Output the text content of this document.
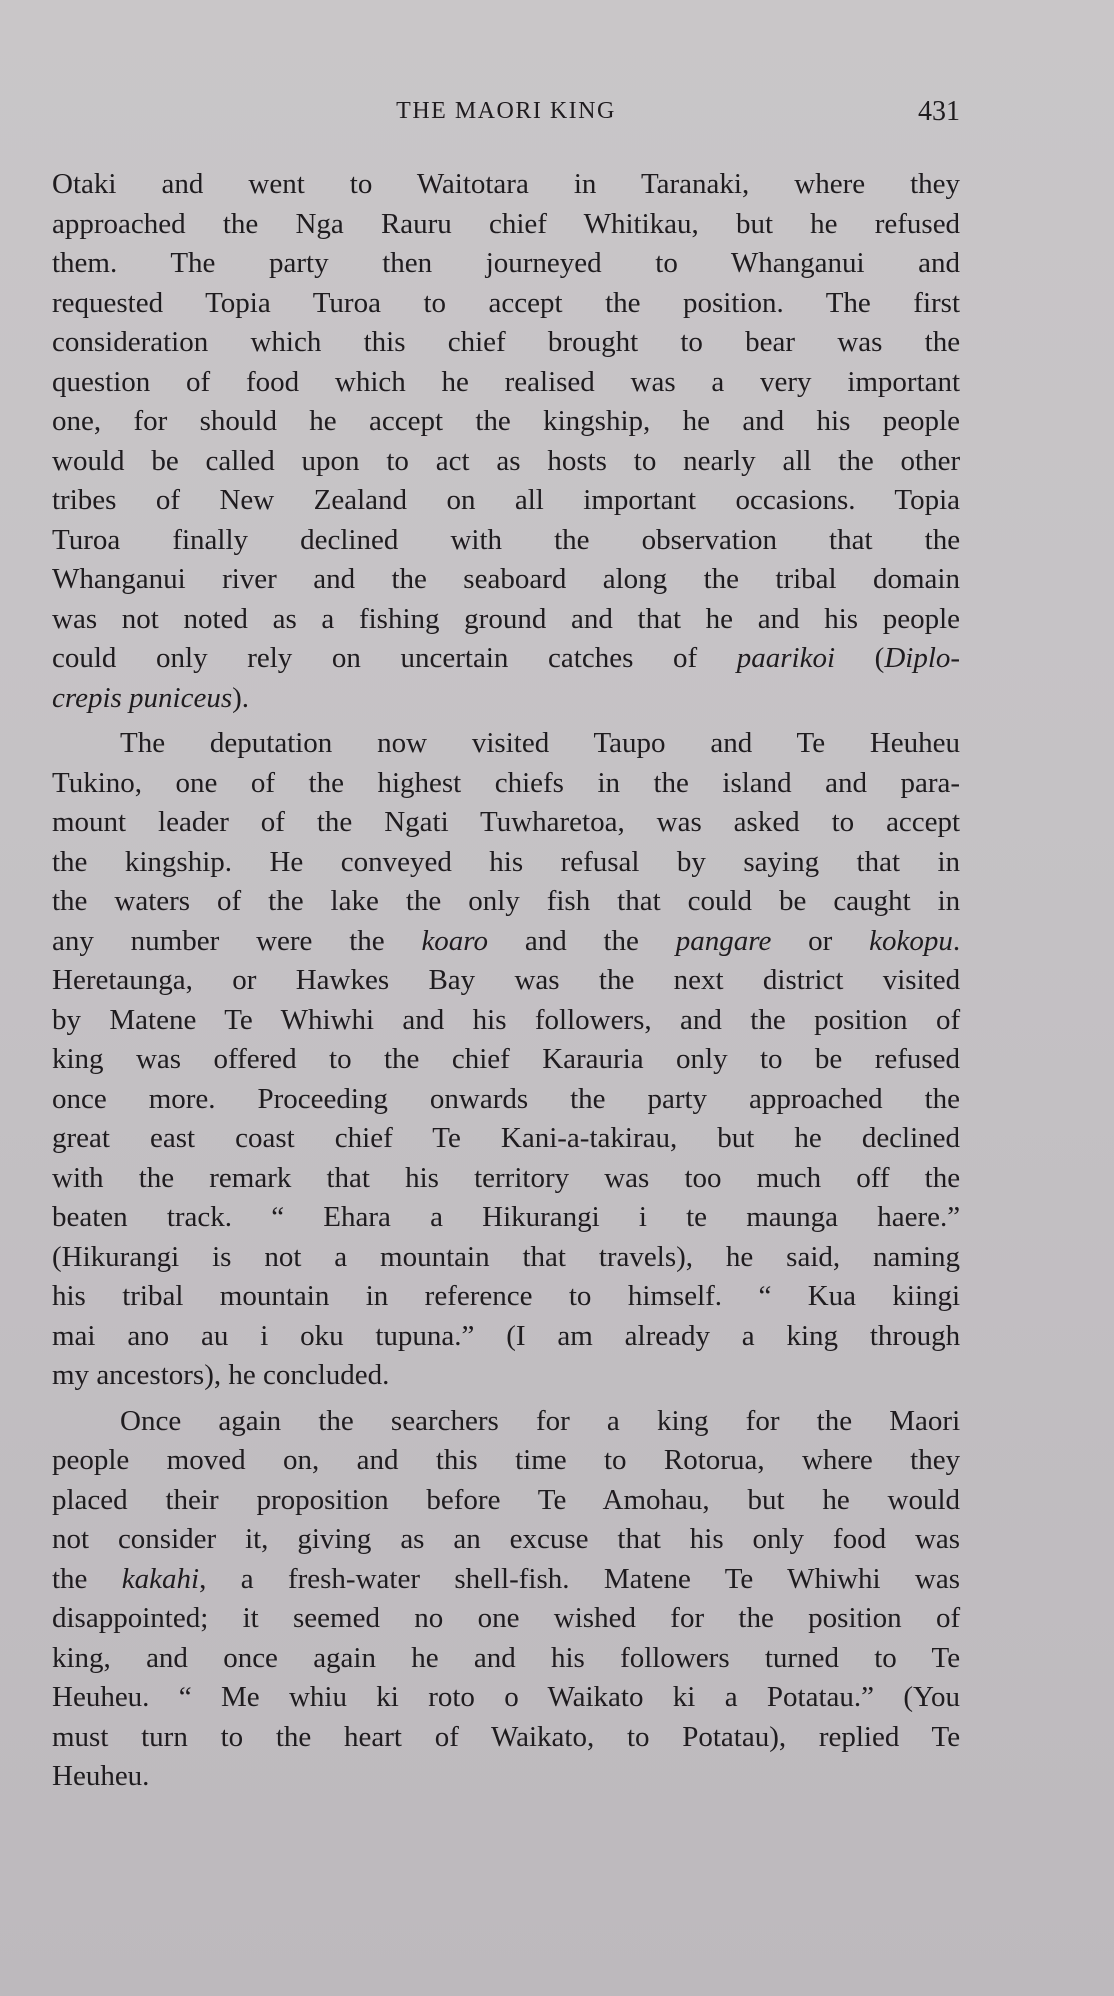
THE MAORI KING	431

Otaki and went to Waitotara in Taranaki, where they
approached the Nga Rauru chief Whitikau, but he refused
them. The party then journeyed to Whanganui and
requested Topia Turoa to accept the position. The first
consideration which this chief brought to bear was the
question of food which he realised was a very important
one, for should he accept the kingship, he and his people
would be called upon to act as hosts to nearly all the other
tribes of New Zealand on all important occasions. Topia
Turoa finally declined with the observation that the
Whanganui river and the seaboard along the tribal domain
was not noted as a fishing ground and that he and his people
could only rely on uncertain catches of paarikoi (Diplo-
crepis puniceus).

The deputation now visited Taupo and Te Heuheu
Tukino, one of the highest chiefs in the island and para-
mount leader of the Ngati Tuwharetoa, was asked to accept
the kingship. He conveyed his refusal by saying that in
the waters of the lake the only fish that could be caught in
any number were the koaro and the pangare or kokopu.
Heretaunga, or Hawkes Bay was the next district visited
by Matene Te Whiwhi and his followers, and the position of
king was offered to the chief Karauria only to be refused
once more. Proceeding onwards the party approached the
great east coast chief Te Kani-a-takirau, but he declined
with the remark that his territory was too much off the
beaten track. “ Ehara a Hikurangi i te maunga haere.”
(Hikurangi is not a mountain that travels), he said, naming
his tribal mountain in reference to himself. “ Kua kiingi
mai ano au i oku tupuna.” (I am already a king through
my ancestors), he concluded.

Once again the searchers for a king for the Maori
people moved on, and this time to Rotorua, where they
placed their proposition before Te Amohau, but he would
not consider it, giving as an excuse that his only food was
the kakahi, a fresh-water shell-fish. Matene Te Whiwhi was
disappointed; it seemed no one wished for the position of
king, and once again he and his followers turned to Te
Heuheu. “ Me whiu ki roto o Waikato ki a Potatau.” (You
must turn to the heart of Waikato, to Potatau), replied Te
Heuheu.
